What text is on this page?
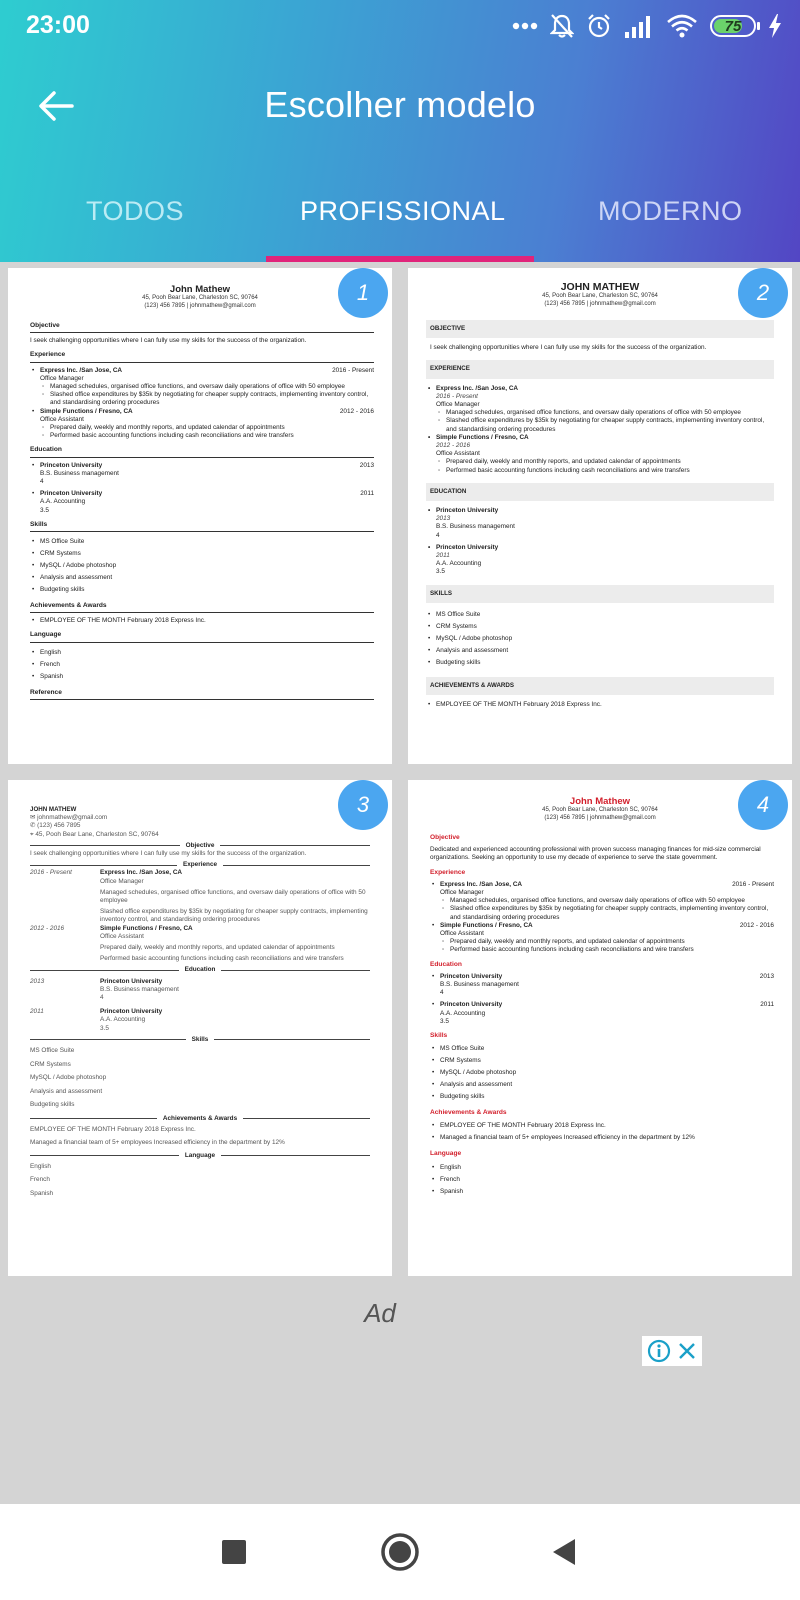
23:00	75
Escolher modelo
TODOS	PROFISSIONAL	MODERNO
John Mathew
45, Pooh Bear Lane, Charleston SC, 90764
(123) 456 7895 | johnmathew@gmail.com
Objective
I seek challenging opportunities where I can fully use my skills for the success of the organization.
Experience
• Express Inc. /San Jose, CA	2016 - Present
Office Manager
◦ Managed schedules, organised office functions, and oversaw daily operations of office with 50 employee
◦ Slashed office expenditures by $35k by negotiating for cheaper supply contracts, implementing inventory control, and standardising ordering procedures
• Simple Functions / Fresno, CA	2012 - 2016
Office Assistant
◦ Prepared daily, weekly and monthly reports, and updated calendar of appointments
◦ Performed basic accounting functions including cash reconciliations and wire transfers
Education
• Princeton University	2013
B.S. Business management
4
• Princeton University	2011
A.A. Accounting
3.5
Skills
• MS Office Suite
• CRM Systems
• MySQL / Adobe photoshop
• Analysis and assessment
• Budgeting skills
Achievements & Awards
• EMPLOYEE OF THE MONTH February 2018 Express Inc.
Language
• English
• French
• Spanish
Reference
1	JOHN MATHEW
45, Pooh Bear Lane, Charleston SC, 90764
(123) 456 7895 | johnmathew@gmail.com
OBJECTIVE
I seek challenging opportunities where I can fully use my skills for the success of the organization.
EXPERIENCE
• Express Inc. /San Jose, CA
2016 - Present
Office Manager
◦ Managed schedules, organised office functions, and oversaw daily operations of office with 50 employee
◦ Slashed office expenditures by $35k by negotiating for cheaper supply contracts, implementing inventory control, and standardising ordering procedures
• Simple Functions / Fresno, CA
2012 - 2016
Office Assistant
◦ Prepared daily, weekly and monthly reports, and updated calendar of appointments
◦ Performed basic accounting functions including cash reconciliations and wire transfers
EDUCATION
• Princeton University
2013
B.S. Business management
4
• Princeton University
2011
A.A. Accounting
3.5
SKILLS
• MS Office Suite
• CRM Systems
• MySQL / Adobe photoshop
• Analysis and assessment
• Budgeting skills
ACHIEVEMENTS & AWARDS
• EMPLOYEE OF THE MONTH February 2018 Express Inc.
2
JOHN MATHEW
✉ johnmathew@gmail.com
✆ (123) 456 7895
⌖ 45, Pooh Bear Lane, Charleston SC, 90764
Objective
I seek challenging opportunities where I can fully use my skills for the success of the organization.
Experience
2016 - Present	Express Inc. /San Jose, CA
Office Manager
Managed schedules, organised office functions, and oversaw daily operations of office with 50 employee
Slashed office expenditures by $35k by negotiating for cheaper supply contracts, implementing inventory control, and standardising ordering procedures
2012 - 2016	Simple Functions / Fresno, CA
Office Assistant
Prepared daily, weekly and monthly reports, and updated calendar of appointments
Performed basic accounting functions including cash reconciliations and wire transfers
Education
2013	Princeton University
B.S. Business management
4
2011	Princeton University
A.A. Accounting
3.5
Skills
MS Office Suite
CRM Systems
MySQL / Adobe photoshop
Analysis and assessment
Budgeting skills
Achievements & Awards
EMPLOYEE OF THE MONTH February 2018 Express Inc.
Managed a financial team of 5+ employees Increased efficiency in the department by 12%
Language
English
French
Spanish
3	John Mathew
45, Pooh Bear Lane, Charleston SC, 90764
(123) 456 7895 | johnmathew@gmail.com
Objective
Dedicated and experienced accounting professional with proven success managing finances for mid-size commercial organizations. Seeking an opportunity to use my decade of experience to serve the state government.
Experience
• Express Inc. /San Jose, CA	2016 - Present
Office Manager
◦ Managed schedules, organised office functions, and oversaw daily operations of office with 50 employee
◦ Slashed office expenditures by $35k by negotiating for cheaper supply contracts, implementing inventory control, and standardising ordering procedures
• Simple Functions / Fresno, CA	2012 - 2016
Office Assistant
◦ Prepared daily, weekly and monthly reports, and updated calendar of appointments
◦ Performed basic accounting functions including cash reconciliations and wire transfers
Education
• Princeton University	2013
B.S. Business management
4
• Princeton University	2011
A.A. Accounting
3.5
Skills
• MS Office Suite
• CRM Systems
• MySQL / Adobe photoshop
• Analysis and assessment
• Budgeting skills
Achievements & Awards
• EMPLOYEE OF THE MONTH February 2018 Express Inc.
• Managed a financial team of 5+ employees Increased efficiency in the department by 12%
Language
• English
• French
• Spanish
4
Ad
